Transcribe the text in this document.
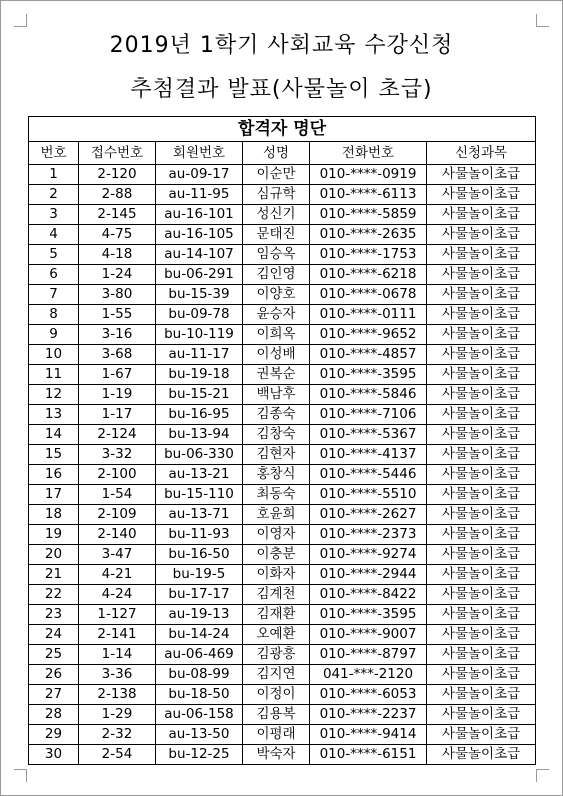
2019년 1학기 사회교육 수강신청
추첨결과 발표(사물놀이 초급)
합격자 명단					
번호	접수번호	회원번호	성명	전화번호	신청과목
1	2-120	au-09-17	이순만	010-****-0919	사물놀이초급
2	2-88	au-11-95	심규학	010-****-6113	사물놀이초급
3	2-145	au-16-101	성신기	010-****-5859	사물놀이초급
4	4-75	au-16-105	문태진	010-****-2635	사물놀이초급
5	4-18	au-14-107	임승옥	010-****-1753	사물놀이초급
6	1-24	bu-06-291	김인영	010-****-6218	사물놀이초급
7	3-80	bu-15-39	이양호	010-****-0678	사물놀이초급
8	1-55	bu-09-78	윤승자	010-****-0111	사물놀이초급
9	3-16	bu-10-119	이희옥	010-****-9652	사물놀이초급
10	3-68	au-11-17	이성배	010-****-4857	사물놀이초급
11	1-67	bu-19-18	권복순	010-****-3595	사물놀이초급
12	1-19	bu-15-21	백남후	010-****-5846	사물놀이초급
13	1-17	bu-16-95	김종숙	010-****-7106	사물놀이초급
14	2-124	bu-13-94	김창숙	010-****-5367	사물놀이초급
15	3-32	bu-06-330	김현자	010-****-4137	사물놀이초급
16	2-100	au-13-21	홍창식	010-****-5446	사물놀이초급
17	1-54	bu-15-110	최동숙	010-****-5510	사물놀이초급
18	2-109	au-13-71	호윤희	010-****-2627	사물놀이초급
19	2-140	bu-11-93	이영자	010-****-2373	사물놀이초급
20	3-47	bu-16-50	이충분	010-****-9274	사물놀이초급
21	4-21	bu-19-5	이화자	010-****-2944	사물놀이초급
22	4-24	bu-17-17	김계천	010-****-8422	사물놀이초급
23	1-127	au-19-13	김재환	010-****-3595	사물놀이초급
24	2-141	bu-14-24	오예환	010-****-9007	사물놀이초급
25	1-14	au-06-469	김광흥	010-****-8797	사물놀이초급
26	3-36	bu-08-99	김지연	041-***-2120	사물놀이초급
27	2-138	bu-18-50	이정이	010-****-6053	사물놀이초급
28	1-29	au-06-158	김용복	010-****-2237	사물놀이초급
29	2-32	au-13-50	이평래	010-****-9414	사물놀이초급
30	2-54	bu-12-25	박숙자	010-****-6151	사물놀이초급
